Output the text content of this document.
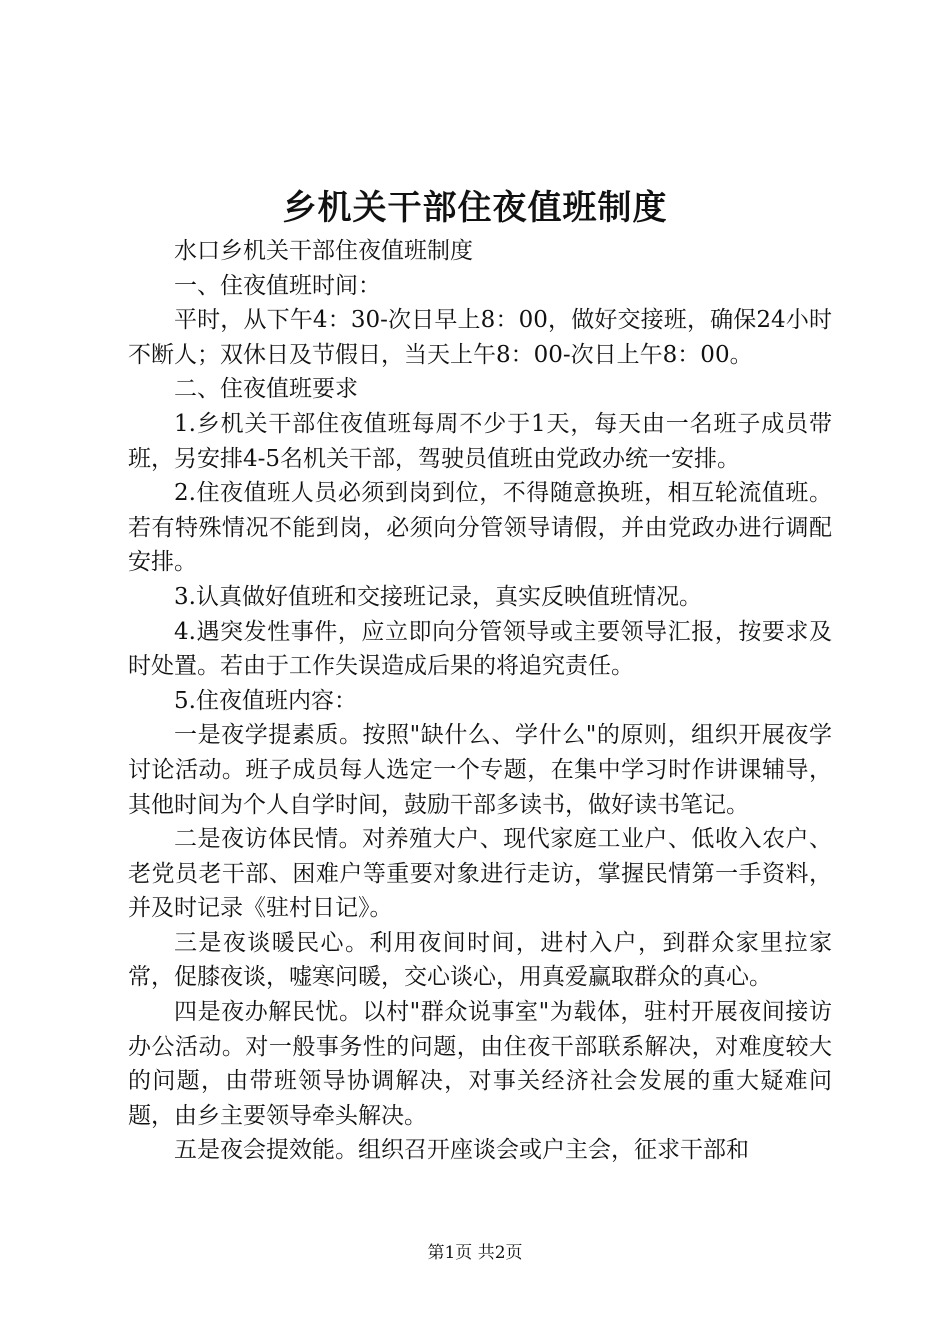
乡机关干部住夜值班制度

水口乡机关干部住夜值班制度

一、住夜值班时间：

平时，从下午4：30-次日早上8：00，做好交接班，确保24小时不断人；双休日及节假日，当天上午8：00-次日上午8：00。

二、住夜值班要求

1.乡机关干部住夜值班每周不少于1天，每天由一名班子成员带班，另安排4-5名机关干部，驾驶员值班由党政办统一安排。

2.住夜值班人员必须到岗到位，不得随意换班，相互轮流值班。若有特殊情况不能到岗，必须向分管领导请假，并由党政办进行调配安排。

3.认真做好值班和交接班记录，真实反映值班情况。

4.遇突发性事件，应立即向分管领导或主要领导汇报，按要求及时处置。若由于工作失误造成后果的将追究责任。

5.住夜值班内容：

一是夜学提素质。按照"缺什么、学什么"的原则，组织开展夜学讨论活动。班子成员每人选定一个专题，在集中学习时作讲课辅导，其他时间为个人自学时间，鼓励干部多读书，做好读书笔记。

二是夜访体民情。对养殖大户、现代家庭工业户、低收入农户、老党员老干部、困难户等重要对象进行走访，掌握民情第一手资料，并及时记录《驻村日记》。

三是夜谈暖民心。利用夜间时间，进村入户，到群众家里拉家常，促膝夜谈，嘘寒问暖，交心谈心，用真爱赢取群众的真心。

四是夜办解民忧。以村"群众说事室"为载体，驻村开展夜间接访办公活动。对一般事务性的问题，由住夜干部联系解决，对难度较大的问题，由带班领导协调解决，对事关经济社会发展的重大疑难问题，由乡主要领导牵头解决。

五是夜会提效能。组织召开座谈会或户主会，征求干部和

第1页 共2页
